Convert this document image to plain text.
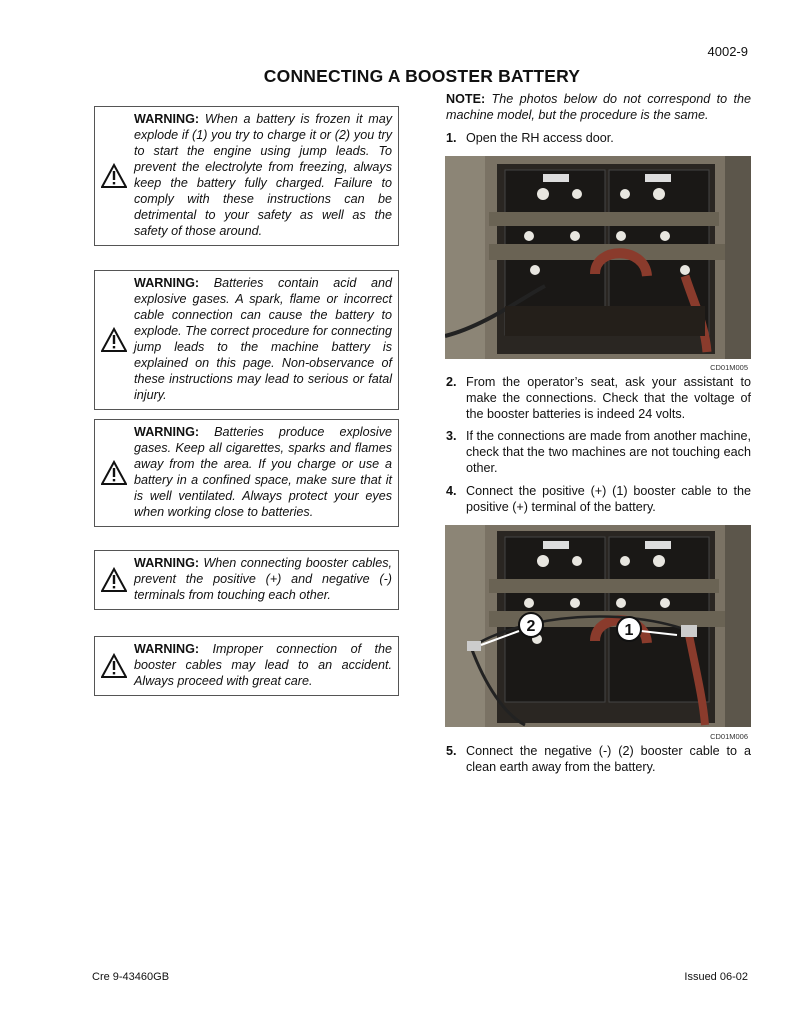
4002-9
CONNECTING A BOOSTER BATTERY
WARNING: When a battery is frozen it may explode if (1) you try to charge it or (2) you try to start the engine using jump leads. To prevent the electrolyte from freezing, always keep the battery fully charged. Failure to comply with these instructions can be detrimental to your safety as well as the safety of those around.
WARNING: Batteries contain acid and explosive gases. A spark, flame or incorrect cable connection can cause the battery to explode. The correct procedure for connecting jump leads to the machine battery is explained on this page. Non-observance of these instructions may lead to serious or fatal injury.
WARNING: Batteries produce explosive gases. Keep all cigarettes, sparks and flames away from the area. If you charge or use a battery in a confined space, make sure that it is well ventilated. Always protect your eyes when working close to batteries.
WARNING: When connecting booster cables, prevent the positive (+) and negative (-) terminals from touching each other.
WARNING: Improper connection of the booster cables may lead to an accident. Always proceed with great care.
NOTE: The photos below do not correspond to the machine model, but the procedure is the same.
1. Open the RH access door.
CD01M005
2. From the operator’s seat, ask your assistant to make the connections. Check that the voltage of the booster batteries is indeed 24 volts.
3. If the connections are made from another machine, check that the two machines are not touching each other.
4. Connect the positive (+) (1) booster cable to the positive (+) terminal of the battery.
2	1
CD01M006
5. Connect the negative (-) (2) booster cable to a clean earth away from the battery.
Cre 9-43460GB	Issued 06-02
